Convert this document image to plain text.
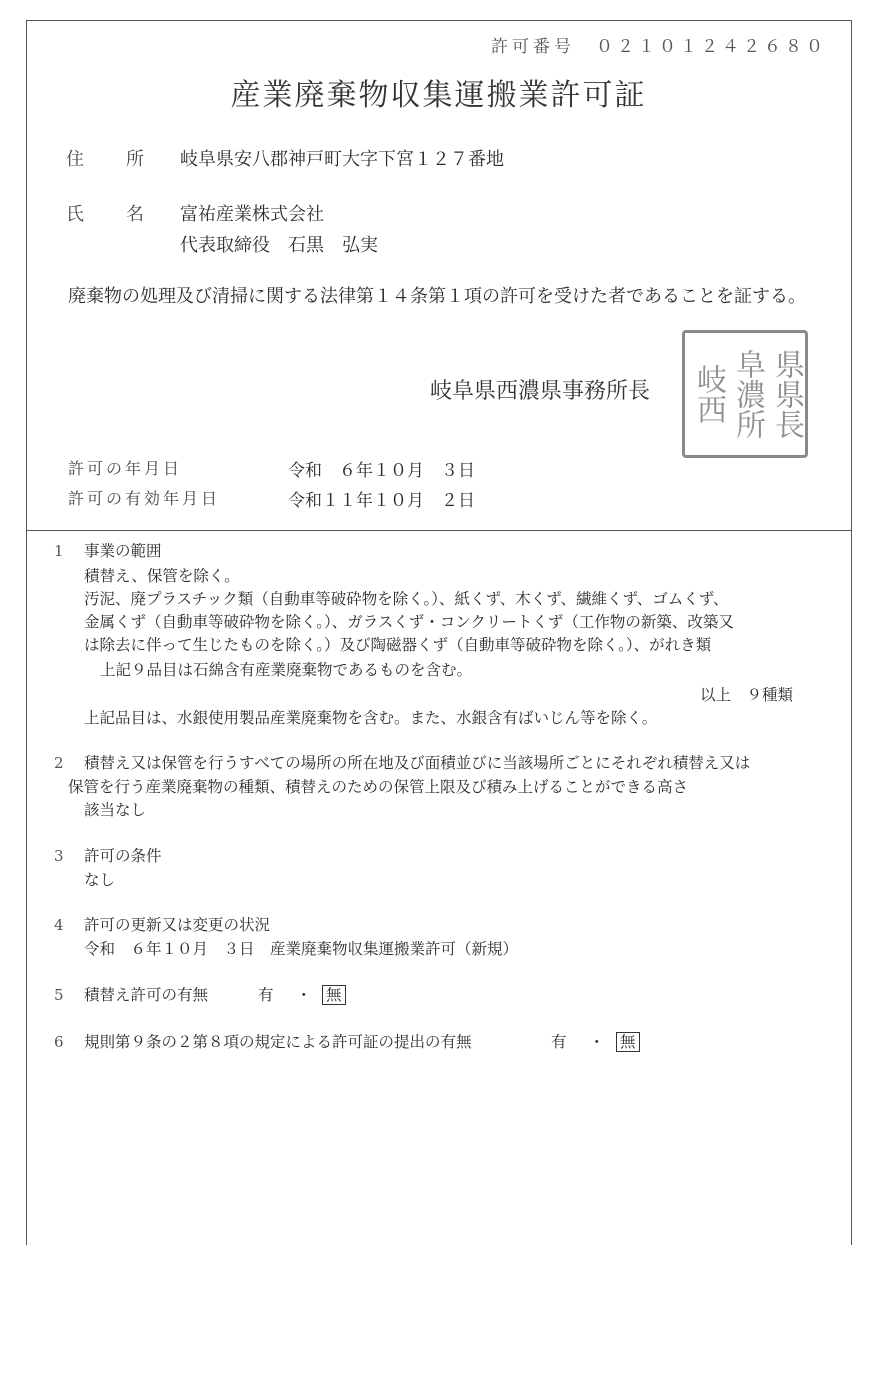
許可番号　０２１０１２４２６８０
産業廃棄物収集運搬業許可証
住　所 岐阜県安八郡神戸町大字下宮１２７番地
氏　名 富祐産業株式会社
代表取締役　石黒　弘実
廃棄物の処理及び清掃に関する法律第１４条第１項の許可を受けた者であることを証する。
岐阜県西濃県事務所長 岐西 阜濃所 県県長
許可の年月日	令和　６年１０月　３日
許可の有効年月日	令和１１年１０月　２日
1 事業の範囲
積替え、保管を除く。
汚泥、廃プラスチック類（自動車等破砕物を除く。）、紙くず、木くず、繊維くず、ゴムくず、
金属くず（自動車等破砕物を除く。）、ガラスくず・コンクリートくず（工作物の新築、改築又
は除去に伴って生じたものを除く。）及び陶磁器くず（自動車等破砕物を除く。）、がれき類
上記９品目は石綿含有産業廃棄物であるものを含む。
以上　９種類
上記品目は、水銀使用製品産業廃棄物を含む。また、水銀含有ばいじん等を除く。
2 積替え又は保管を行うすべての場所の所在地及び面積並びに当該場所ごとにそれぞれ積替え又は
保管を行う産業廃棄物の種類、積替えのための保管上限及び積み上げることができる高さ
該当なし
3 許可の条件
なし
4 許可の更新又は変更の状況
令和　６年１０月　３日　産業廃棄物収集運搬業許可（新規）
5 積替え許可の有無	有 ・ 無
6 規則第９条の２第８項の規定による許可証の提出の有無	有 ・ 無
